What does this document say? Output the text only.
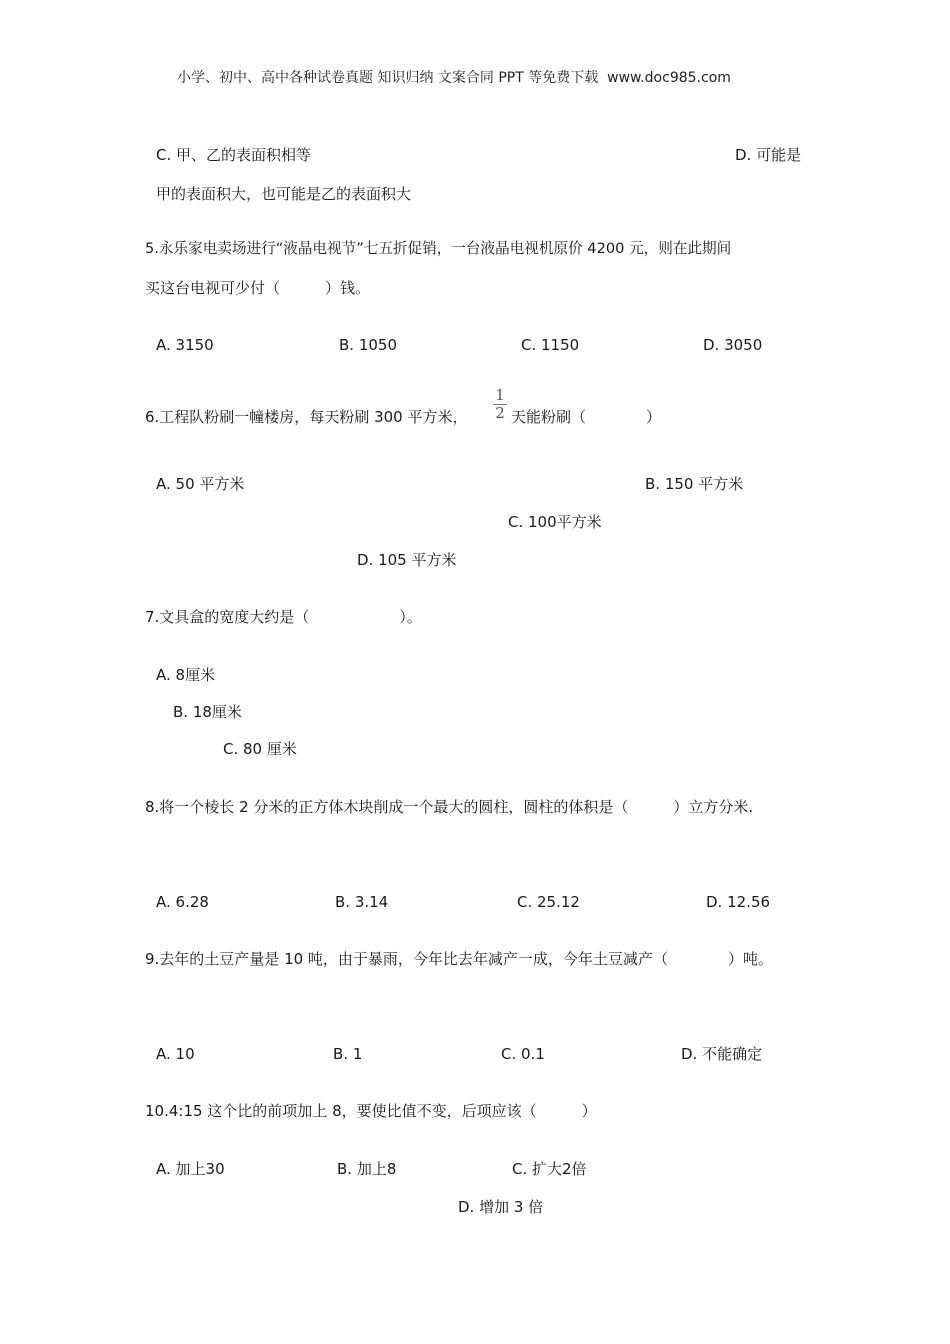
小学、初中、高中各种试卷真题 知识归纳 文案合同 PPT 等免费下载 www.doc985.com
C. 甲、乙的表面积相等	D. 可能是
甲的表面积大，也可能是乙的表面积大
5.永乐家电卖场进行“液晶电视节”七五折促销，一台液晶电视机原价 4200 元，则在此期间
买这台电视可少付（　　　）钱。
A. 3150	B. 1050	C. 1150	D. 3050
6.工程队粉刷一幢楼房，每天粉刷 300 平方米，
1
2 天能粉刷（　　　　）
A. 50 平方米	B. 150 平方米
C. 100平方米
D. 105 平方米
7.文具盒的宽度大约是（　　　　　　）。
A. 8厘米
B. 18厘米
C. 80 厘米
8.将一个棱长 2 分米的正方体木块削成一个最大的圆柱，圆柱的体积是（　　　）立方分米.
A. 6.28	B. 3.14	C. 25.12	D. 12.56
9.去年的土豆产量是 10 吨，由于暴雨，今年比去年减产一成，今年土豆减产（　　　　）吨。
A. 10	B. 1	C. 0.1	D. 不能确定
10.4:15 这个比的前项加上 8，要使比值不变，后项应该（　　　）
A. 加上30	B. 加上8	C. 扩大2倍
D. 增加 3 倍
